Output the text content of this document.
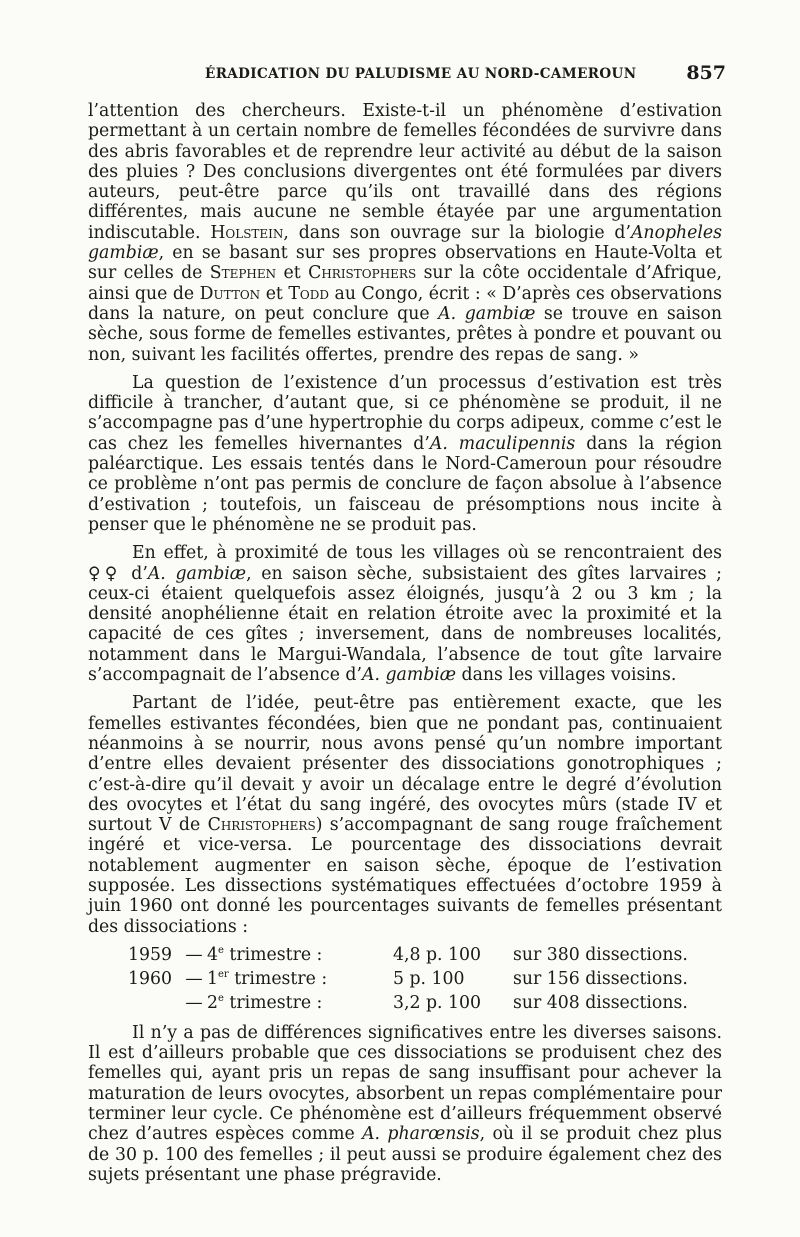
ÉRADICATION DU PALUDISME AU NORD-CAMEROUN	857

l’attention des chercheurs. Existe-t-il un phénomène d’estivation permettant à un certain nombre de femelles fécondées de survivre dans des abris favorables et de reprendre leur activité au début de la saison des pluies ? Des conclusions divergentes ont été formulées par divers auteurs, peut-être parce qu’ils ont travaillé dans des régions différentes, mais aucune ne semble étayée par une argumentation indiscutable. Holstein, dans son ouvrage sur la biologie d’Anopheles gambiæ, en se basant sur ses propres observations en Haute-Volta et sur celles de Stephen et Christophers sur la côte occidentale d’Afrique, ainsi que de Dutton et Todd au Congo, écrit : « D’après ces observations dans la nature, on peut conclure que A. gambiæ se trouve en saison sèche, sous forme de femelles estivantes, prêtes à pondre et pouvant ou non, suivant les facilités offertes, prendre des repas de sang. »

La question de l’existence d’un processus d’estivation est très difficile à trancher, d’autant que, si ce phénomène se produit, il ne s’accompagne pas d’une hypertrophie du corps adipeux, comme c’est le cas chez les femelles hivernantes d’A. maculipennis dans la région paléarctique. Les essais tentés dans le Nord-Cameroun pour résoudre ce problème n’ont pas permis de conclure de façon absolue à l’absence d’estivation ; toutefois, un faisceau de présomptions nous incite à penser que le phénomène ne se produit pas.

En effet, à proximité de tous les villages où se rencontraient des ♀♀ d’A. gambiæ, en saison sèche, subsistaient des gîtes larvaires ; ceux-ci étaient quelquefois assez éloignés, jusqu’à 2 ou 3 km ; la densité anophélienne était en relation étroite avec la proximité et la capacité de ces gîtes ; inversement, dans de nombreuses localités, notamment dans le Margui-Wandala, l’absence de tout gîte larvaire s’accompagnait de l’absence d’A. gambiæ dans les villages voisins.

Partant de l’idée, peut-être pas entièrement exacte, que les femelles estivantes fécondées, bien que ne pondant pas, continuaient néanmoins à se nourrir, nous avons pensé qu’un nombre important d’entre elles devaient présenter des dissociations gonotrophiques ; c’est-à-dire qu’il devait y avoir un décalage entre le degré d’évolution des ovocytes et l’état du sang ingéré, des ovocytes mûrs (stade IV et surtout V de Christophers) s’accompagnant de sang rouge fraîchement ingéré et vice-versa. Le pourcentage des dissociations devrait notablement augmenter en saison sèche, époque de l’estivation supposée. Les dissections systématiques effectuées d’octobre 1959 à juin 1960 ont donné les pourcentages suivants de femelles présentant des dissociations :

1959 — 4e trimestre :	4,8 p. 100	sur 380 dissections.
1960 — 1er trimestre :	5 p. 100	sur 156 dissections.
— 2e trimestre :	3,2 p. 100	sur 408 dissections.

Il n’y a pas de différences significatives entre les diverses saisons. Il est d’ailleurs probable que ces dissociations se produisent chez des femelles qui, ayant pris un repas de sang insuffisant pour achever la maturation de leurs ovocytes, absorbent un repas complémentaire pour terminer leur cycle. Ce phénomène est d’ailleurs fréquemment observé chez d’autres espèces comme A. pharœnsis, où il se produit chez plus de 30 p. 100 des femelles ; il peut aussi se produire également chez des sujets présentant une phase prégravide.
